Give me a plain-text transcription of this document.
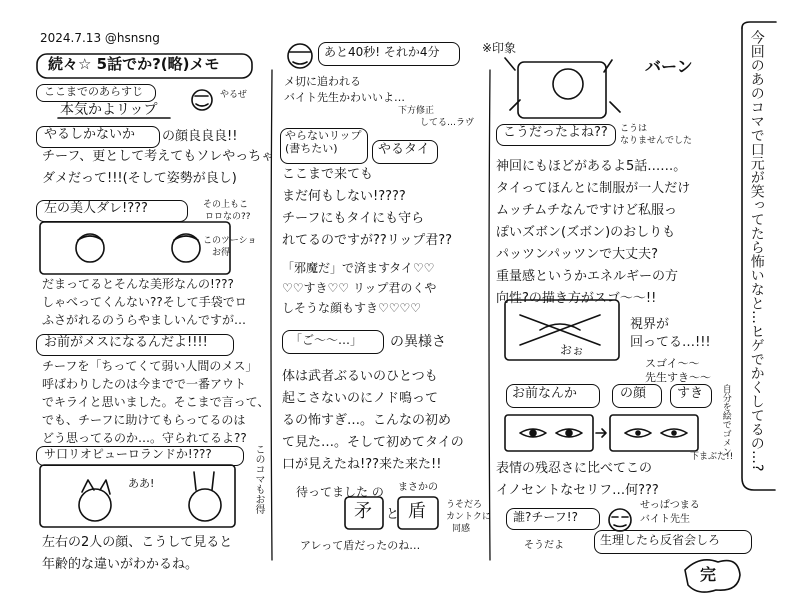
2024.7.13 @hsnsng
続々☆ 5話でか?(略)メモ
ここまでのあらすじ
本気かよリップ
やるぜ
やるしかないか の顔良良良!!
チーフ、更として考えてもソレやっちゃ
ダメだって!!!(そして姿勢が良し)
左の美人ダレ!???	その上もこ
ロロなの??
このツーショ
お得
だまってるとそんな美形なんの!???
しゃべってくんない??そして手袋でロ
ふさがれるのうらやましいんですが…
お前がメスになるんだよ!!!!
チーフを「ちってくて弱い人間のメス」
呼ばわりしたのは今までで一番アウト
でキライと思いました。そこまで言って、
でも、チーフに助けてもらってるのは
どう思ってるのか…。守られてるよ??
サ口リオピューロランドか!???	このコマもお得
ああ!
左右の2人の顔、こうして見ると
年齢的な違いがわかるね。
あと40秒! それか4分
メ切に追われる
バイト先生かわいいよ…
下方修正
してる…ラヴ
やらないリップ (書ちたい)	やるタイ
ここまで来ても
まだ何もしない!????
チーフにもタイにも守ら
れてるのですが??リップ君??
「邪魔だ」で済ますタイ♡♡
♡♡すき♡♡ リップ君のくや
しそうな顔もすき♡♡♡♡
「ご〜〜…」 の異様さ
体は武者ぶるいのひとつも
起こさないのにノド鳴って
るの怖すぎ…。こんなの初め
て見た…。そして初めてタイの
口が見えたね!??来た来た!!
待ってました の まさかの
矛 と 盾 うそだろ
カントクに
同感
アレって盾だったのね…
※印象
バーン
こうだったよね?? こうは
なりませんでした
神回にもほどがあるよ5話……。
タイってほんとに制服が一人だけ
ムッチムチなんですけど私服っ
ぽいズボン(ズボン)のおしりも
パッツンパッツンで大丈夫?
重量感というかエネルギーの方
向性?の描き方がスゴ〜〜!!
視界が
回ってる…!!!
おぉ
スゴイ〜〜
先生すき〜〜
お前なんか	の顔 すき 自分を絵でゴメン
下まぶた!!
表情の残忍さに比べてこの
イノセントなセリフ…何???
誰?チーフ!?
せっぱつまる
バイト先生
そうだよ	生理したら反省会しろ
完
今回のあのコマで口元が笑ってたら怖いなと…ヒゲでかくしてるの…?
